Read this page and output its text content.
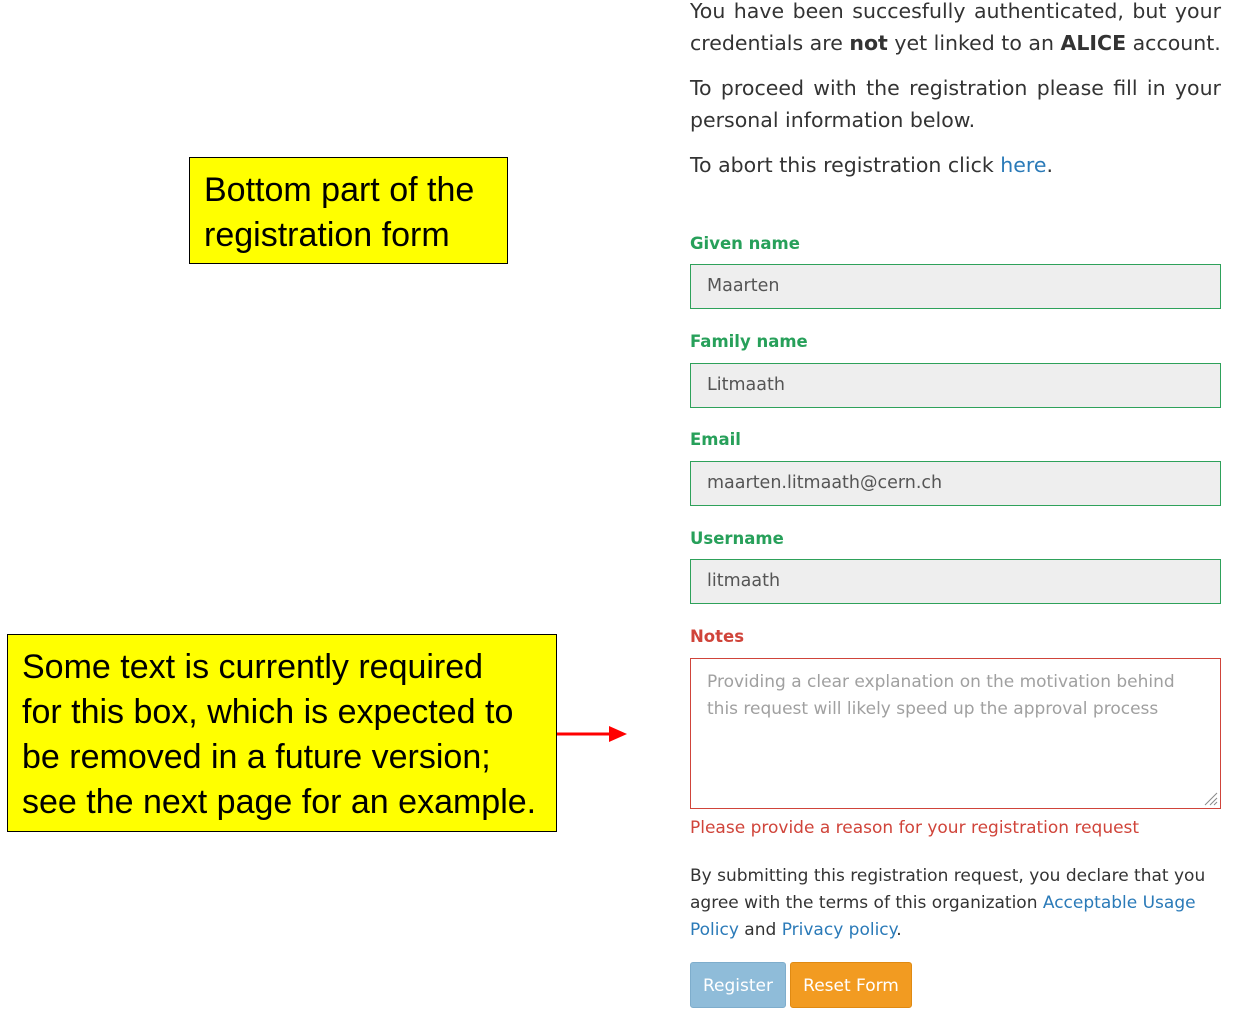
Bottom part of the
registration form
Some text is currently required
for this box, which is expected to
be removed in a future version;
see the next page for an example.

You have been succesfully authenticated, but your credentials are not yet linked to an ALICE account.

To proceed with the registration please fill in your personal information below.

To abort this registration click here.

Given name
Maarten
Family name
Litmaath
Email
maarten.litmaath@cern.ch
Username
litmaath
Notes
Providing a clear explanation on the motivation behind this request will likely speed up the approval process
Please provide a reason for your registration request
By submitting this registration request, you declare that you agree with the terms of this organization Acceptable Usage Policy and Privacy policy.
Register	Reset Form
